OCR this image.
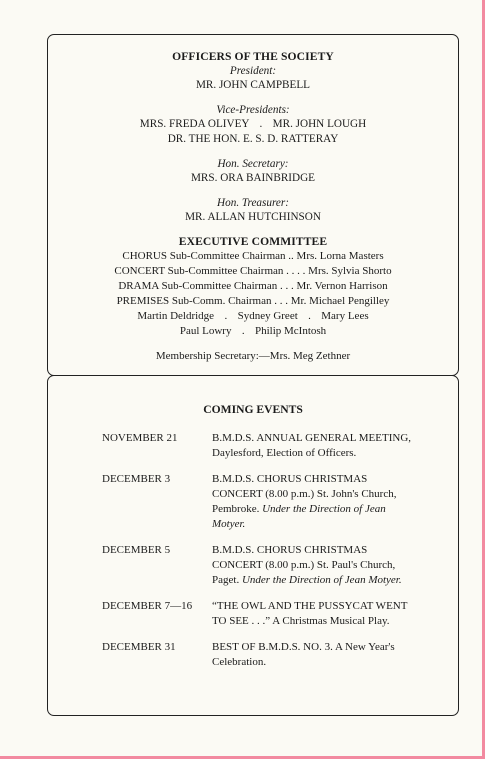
OFFICERS OF THE SOCIETY
President:
MR. JOHN CAMPBELL
Vice-Presidents:
MRS. FREDA OLIVEY . MR. JOHN LOUGH
DR. THE HON. E. S. D. RATTERAY
Hon. Secretary:
MRS. ORA BAINBRIDGE
Hon. Treasurer:
MR. ALLAN HUTCHINSON
EXECUTIVE COMMITTEE
CHORUS Sub-Committee Chairman .. Mrs. Lorna Masters
CONCERT Sub-Committee Chairman . . . . Mrs. Sylvia Shorto
DRAMA Sub-Committee Chairman . . . Mr. Vernon Harrison
PREMISES Sub-Comm. Chairman . . . Mr. Michael Pengilley
Martin Deldridge . Sydney Greet . Mary Lees
Paul Lowry . Philip McIntosh
Membership Secretary:—Mrs. Meg Zethner
COMING EVENTS
NOVEMBER 21	B.M.D.S. ANNUAL GENERAL MEETING, Daylesford, Election of Officers.
DECEMBER 3	B.M.D.S. CHORUS CHRISTMAS CONCERT (8.00 p.m.) St. John's Church, Pembroke. Under the Direction of Jean Motyer.
DECEMBER 5	B.M.D.S. CHORUS CHRISTMAS CONCERT (8.00 p.m.) St. Paul's Church, Paget. Under the Direction of Jean Motyer.
DECEMBER 7—16	“THE OWL AND THE PUSSYCAT WENT TO SEE . . .” A Christmas Musical Play.
DECEMBER 31	BEST OF B.M.D.S. NO. 3. A New Year's Celebration.
